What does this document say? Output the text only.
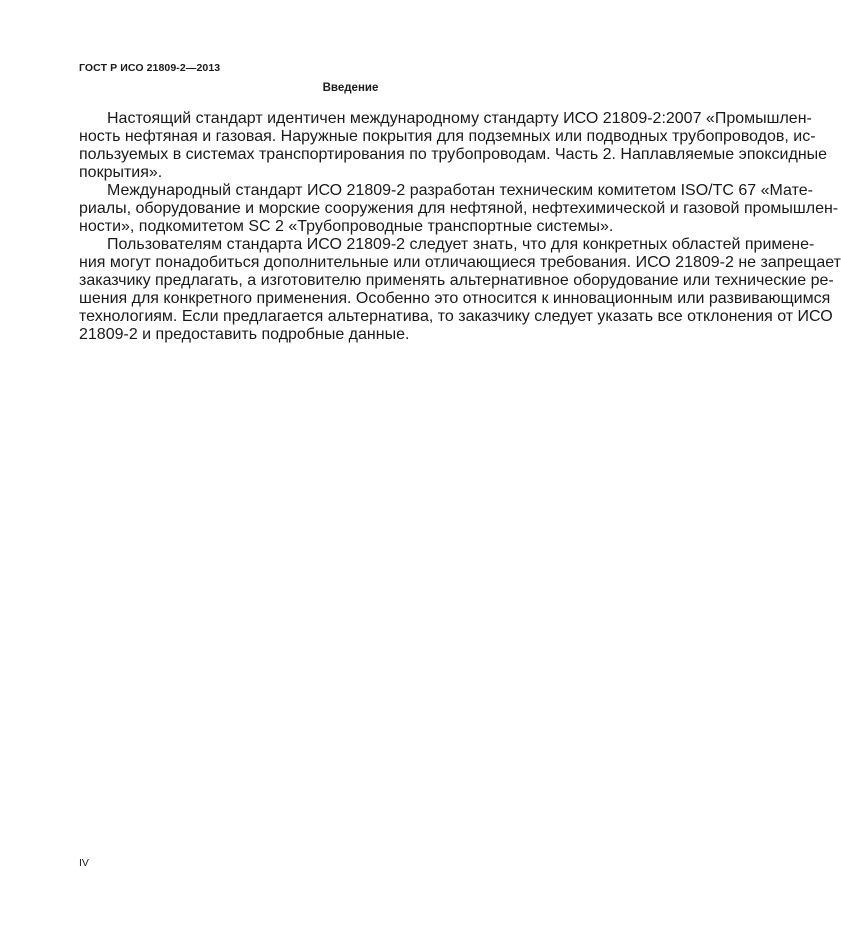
ГОСТ Р ИСО 21809-2—2013

Введение
Настоящий стандарт идентичен международному стандарту ИСО 21809-2:2007 «Промышлен-
ность нефтяная и газовая. Наружные покрытия для подземных или подводных трубопроводов, ис-
пользуемых в системах транспортирования по трубопроводам. Часть 2. Наплавляемые эпоксидные
покрытия».
Международный стандарт ИСО 21809-2 разработан техническим комитетом ISO/TC 67 «Мате-
риалы, оборудование и морские сооружения для нефтяной, нефтехимической и газовой промышлен-
ности», подкомитетом SC 2 «Трубопроводные транспортные системы».
Пользователям стандарта ИСО 21809-2 следует знать, что для конкретных областей примене-
ния могут понадобиться дополнительные или отличающиеся требования. ИСО 21809-2 не запрещает
заказчику предлагать, а изготовителю применять альтернативное оборудование или технические ре-
шения для конкретного применения. Особенно это относится к инновационным или развивающимся
технологиям. Если предлагается альтернатива, то заказчику следует указать все отклонения от ИСО
21809-2 и предоставить подробные данные.

IV
